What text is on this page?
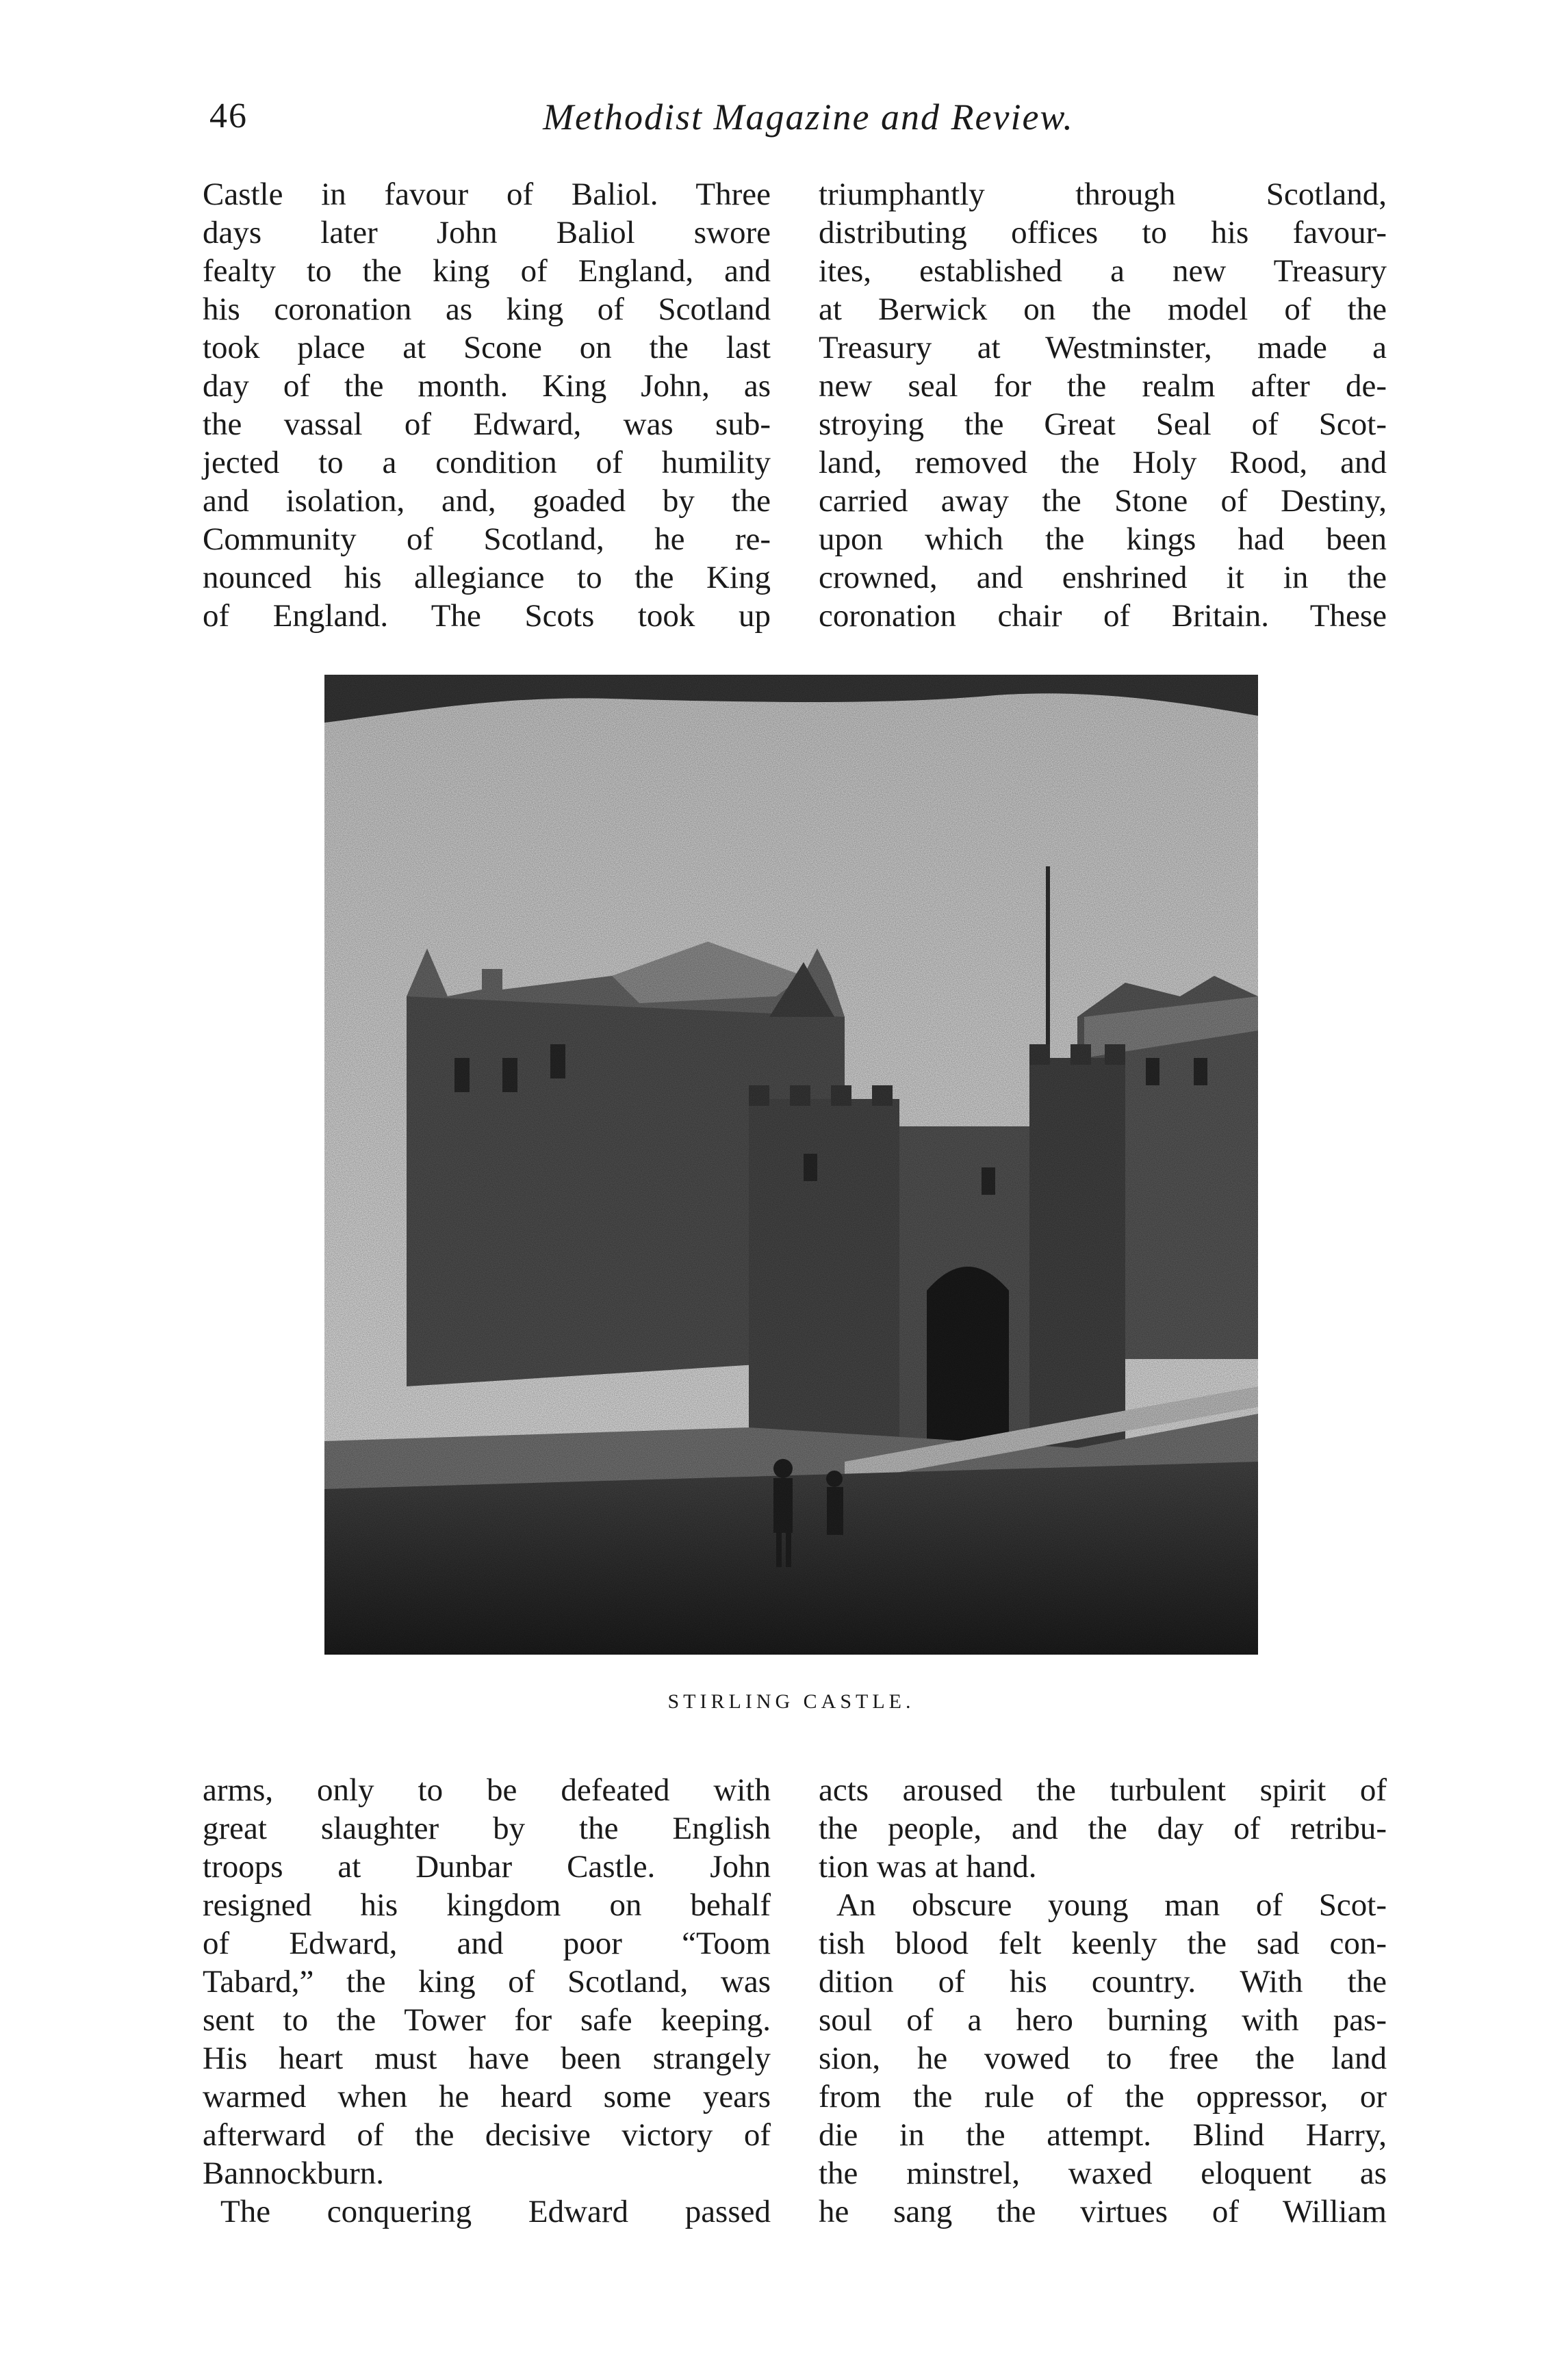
46	Methodist Magazine and Review.
Castle in favour of Baliol. Three
days later John Baliol swore
fealty to the king of England, and
his coronation as king of Scotland
took place at Scone on the last
day of the month. King John, as
the vassal of Edward, was sub-
jected to a condition of humility
and isolation, and, goaded by the
Community of Scotland, he re-
nounced his allegiance to the King
of England. The Scots took up
triumphantly through Scotland,
distributing offices to his favour-
ites, established a new Treasury
at Berwick on the model of the
Treasury at Westminster, made a
new seal for the realm after de-
stroying the Great Seal of Scot-
land, removed the Holy Rood, and
carried away the Stone of Destiny,
upon which the kings had been
crowned, and enshrined it in the
coronation chair of Britain. These
STIRLING CASTLE.
arms, only to be defeated with
great slaughter by the English
troops at Dunbar Castle. John
resigned his kingdom on behalf
of Edward, and poor “Toom
Tabard,” the king of Scotland, was
sent to the Tower for safe keeping.
His heart must have been strangely
warmed when he heard some years
afterward of the decisive victory of
Bannockburn.
The conquering Edward passed
acts aroused the turbulent spirit of
the people, and the day of retribu-
tion was at hand.
An obscure young man of Scot-
tish blood felt keenly the sad con-
dition of his country. With the
soul of a hero burning with pas-
sion, he vowed to free the land
from the rule of the oppressor, or
die in the attempt. Blind Harry,
the minstrel, waxed eloquent as
he sang the virtues of William
